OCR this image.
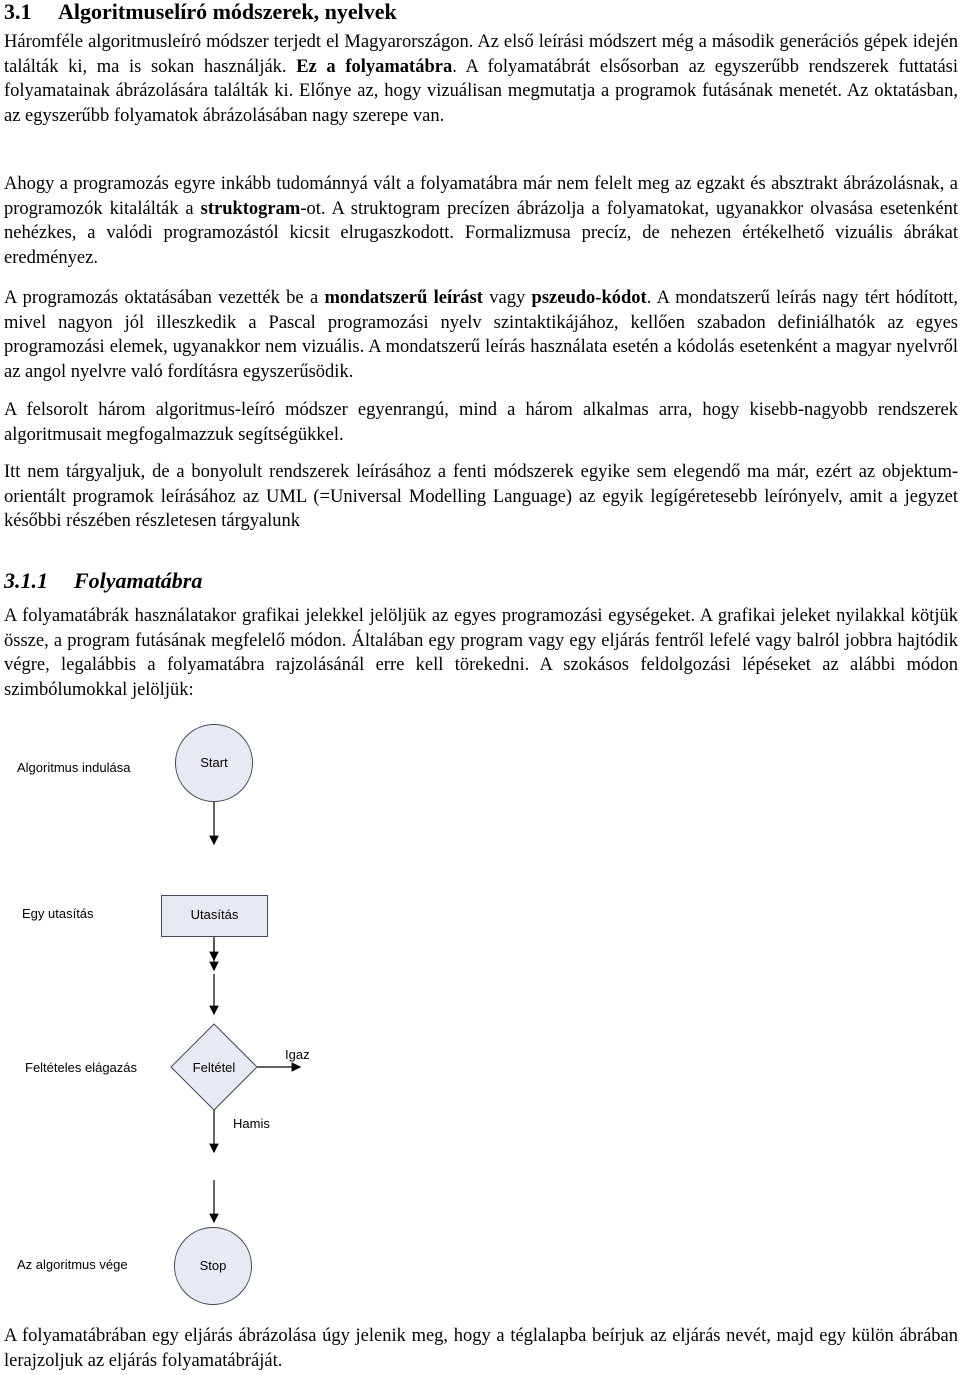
3.1 Algoritmuselíró módszerek, nyelvek
Háromféle algoritmusleíró módszer terjedt el Magyarországon. Az első leírási módszert még a második generációs gépek idején találták ki, ma is sokan használják. Ez a folyamatábra. A folyamatábrát elsősorban az egyszerűbb rendszerek futtatási folyamatainak ábrázolására találták ki. Előnye az, hogy vizuálisan megmutatja a programok futásának menetét. Az oktatásban, az egyszerűbb folyamatok ábrázolásában nagy szerepe van.
Ahogy a programozás egyre inkább tudománnyá vált a folyamatábra már nem felelt meg az egzakt és absztrakt ábrázolásnak, a programozók kitalálták a struktogram-ot. A struktogram precízen ábrázolja a folyamatokat, ugyanakkor olvasása esetenként nehézkes, a valódi programozástól kicsit elrugaszkodott. Formalizmusa precíz, de nehezen értékelhető vizuális ábrákat eredményez.
A programozás oktatásában vezették be a mondatszerű leírást vagy pszeudo-kódot. A mondatszerű leírás nagy tért hódított, mivel nagyon jól illeszkedik a Pascal programozási nyelv szintaktikájához, kellően szabadon definiálhatók az egyes programozási elemek, ugyanakkor nem vizuális. A mondatszerű leírás használata esetén a kódolás esetenként a magyar nyelvről az angol nyelvre való fordításra egyszerűsödik.
A felsorolt három algoritmus-leíró módszer egyenrangú, mind a három alkalmas arra, hogy kisebb-nagyobb rendszerek algoritmusait megfogalmazzuk segítségükkel.
Itt nem tárgyaljuk, de a bonyolult rendszerek leírásához a fenti módszerek egyike sem elegendő ma már, ezért az objektum-orientált programok leírásához az UML (=Universal Modelling Language) az egyik legígéretesebb leírónyelv, amit a jegyzet későbbi részében részletesen tárgyalunk
3.1.1 Folyamatábra
A folyamatábrák használatakor grafikai jelekkel jelöljük az egyes programozási egységeket. A grafikai jeleket nyilakkal kötjük össze, a program futásának megfelelő módon. Általában egy program vagy egy eljárás fentről lefelé vagy balról jobbra hajtódik végre, legalábbis a folyamatábra rajzolásánál erre kell törekedni. A szokásos feldolgozási lépéseket az alábbi módon szimbólumokkal jelöljük:
Algoritmus indulása	Start
Egy utasítás	Utasítás
Feltételes elágazás	Feltétel
Igaz
Hamis
Az algoritmus vége	Stop
A folyamatábrában egy eljárás ábrázolása úgy jelenik meg, hogy a téglalapba beírjuk az eljárás nevét, majd egy külön ábrában lerajzoljuk az eljárás folyamatábráját.
